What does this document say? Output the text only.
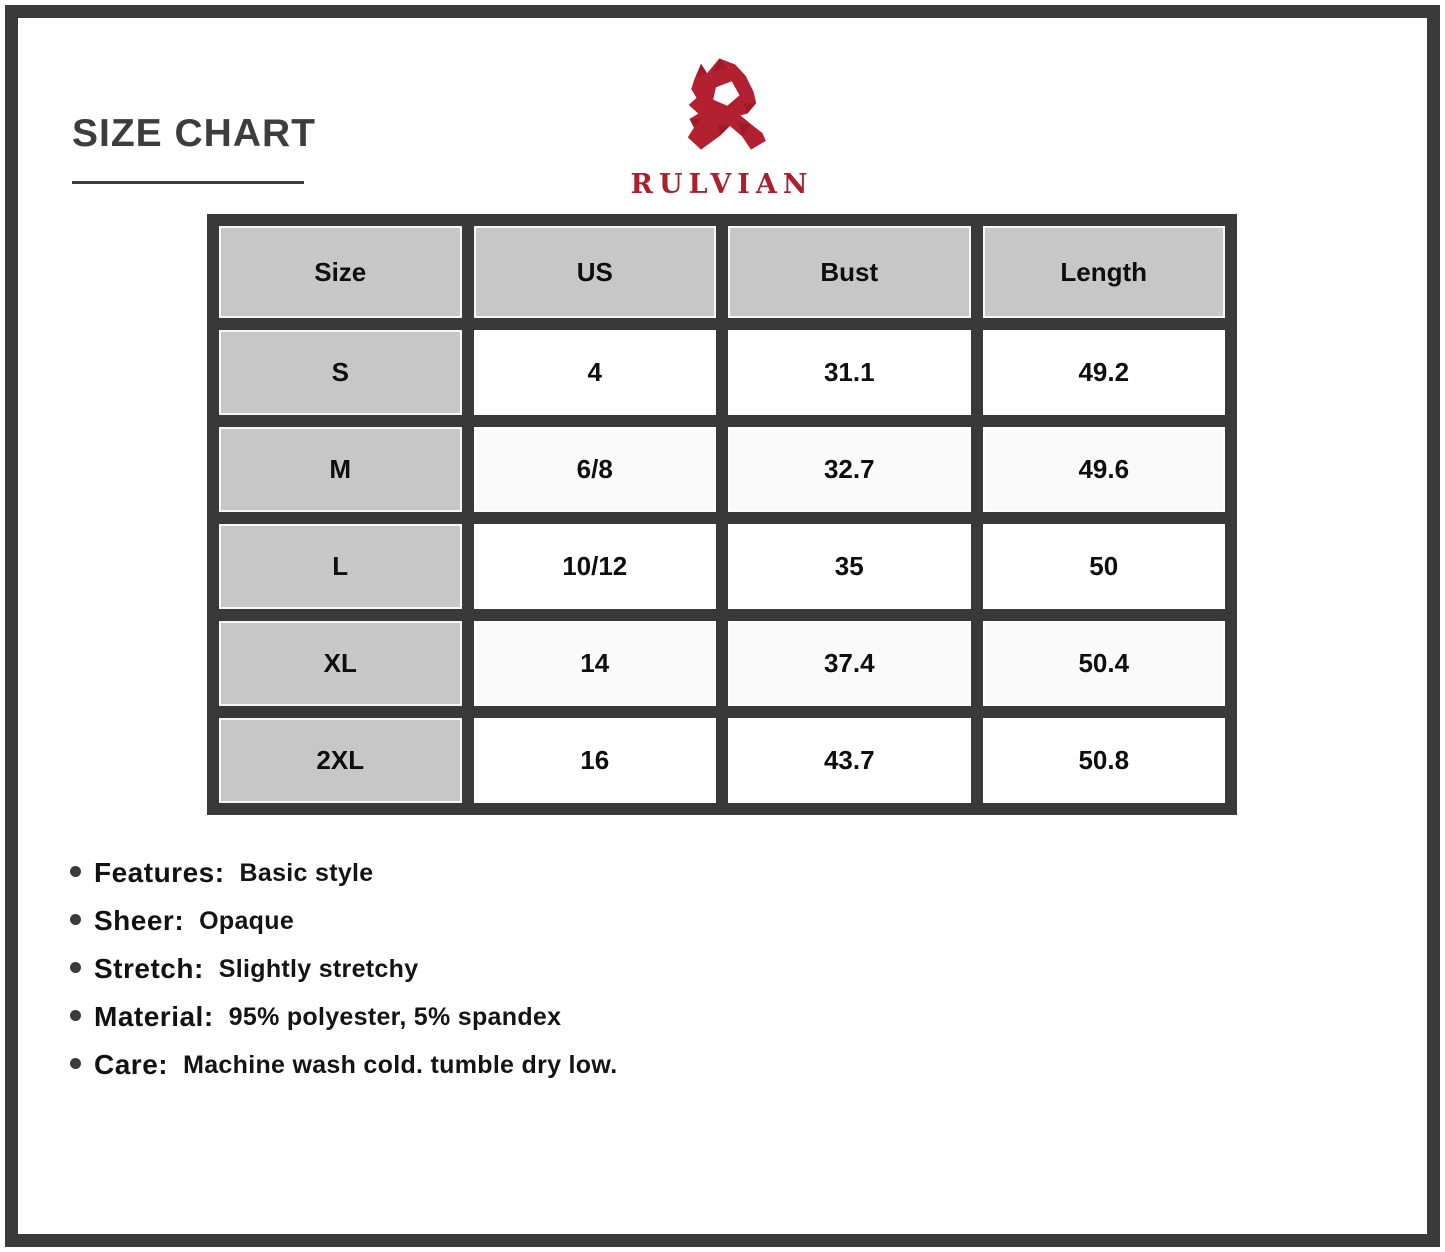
SIZE CHART
RULVIAN
Size	US	Bust	Length
S	4	31.1	49.2
M	6/8	32.7	49.6
L	10/12	35	50
XL	14	37.4	50.4
2XL	16	43.7	50.8
Features: Basic style
Sheer: Opaque
Stretch: Slightly stretchy
Material: 95% polyester, 5% spandex
Care: Machine wash cold. tumble dry low.
